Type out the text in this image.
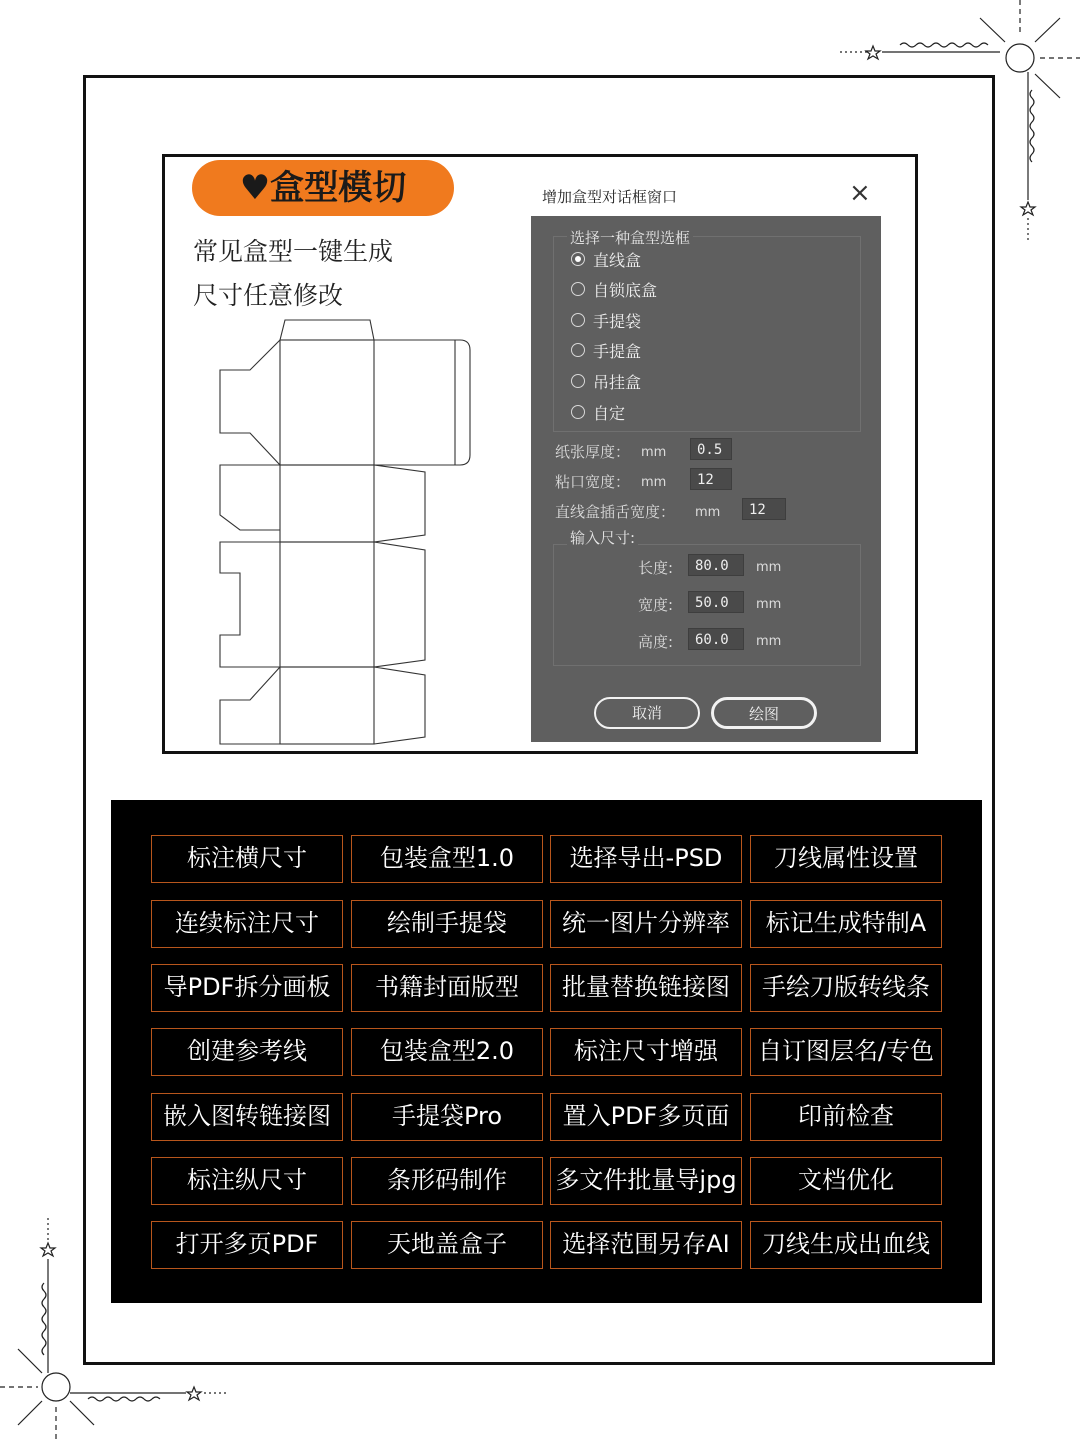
♥盒型模切
常见盒型一键生成
尺寸任意修改
增加盒型对话框窗口	×
选择一种盒型选框
直线盒
自锁底盒
手提袋
手提盒
吊挂盒
自定
纸张厚度： mm	0.5
粘口宽度： mm	12
直线盒插舌宽度： mm	12
输入尺寸:
长度:	80.0	mm
宽度:	50.0	mm
高度:	60.0	mm
取消	绘图
标注横尺寸	包装盒型1.0	选择导出-PSD	刀线属性设置
连续标注尺寸	绘制手提袋	统一图片分辨率	标记生成特制A
导PDF拆分画板	书籍封面版型	批量替换链接图	手绘刀版转线条
创建参考线	包装盒型2.0	标注尺寸增强	自订图层名/专色
嵌入图转链接图	手提袋Pro	置入PDF多页面	印前检查
标注纵尺寸	条形码制作	多文件批量导jpg	文档优化
打开多页PDF	天地盖盒子	选择范围另存AI	刀线生成出血线
